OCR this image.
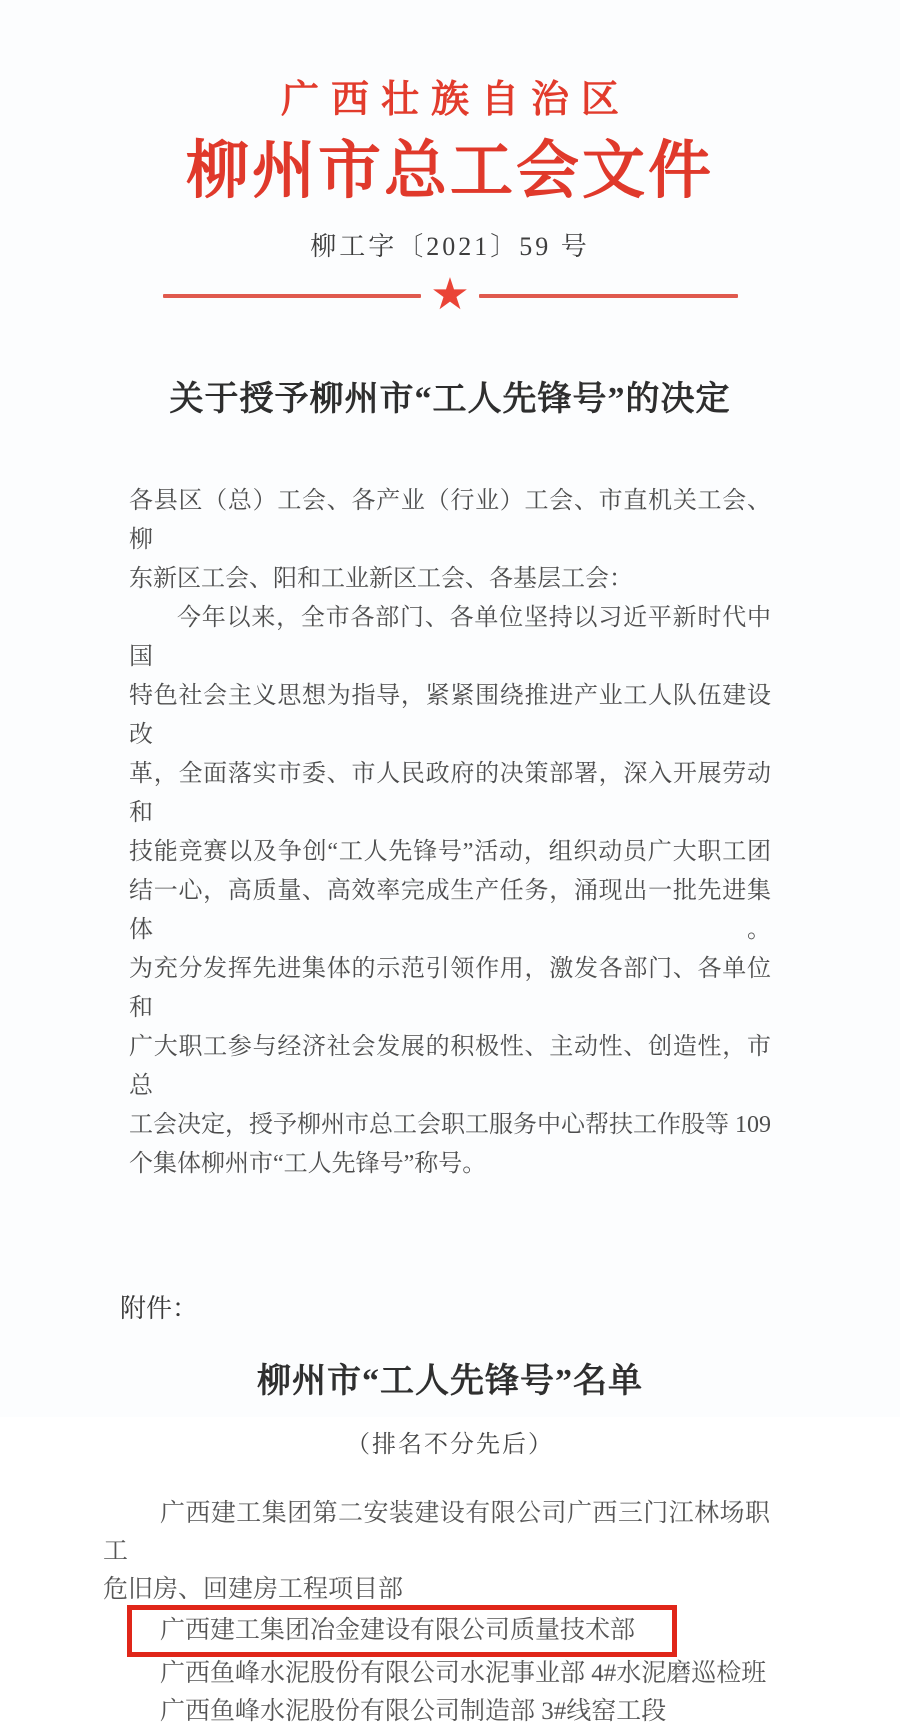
广西壮族自治区
柳州市总工会文件
柳工字〔2021〕59 号
★
关于授予柳州市“工人先锋号”的决定
各县区（总）工会、各产业（行业）工会、市直机关工会、柳
东新区工会、阳和工业新区工会、各基层工会：
今年以来，全市各部门、各单位坚持以习近平新时代中国
特色社会主义思想为指导，紧紧围绕推进产业工人队伍建设改
革，全面落实市委、市人民政府的决策部署，深入开展劳动和
技能竞赛以及争创“工人先锋号”活动，组织动员广大职工团
结一心，高质量、高效率完成生产任务，涌现出一批先进集体。
为充分发挥先进集体的示范引领作用，激发各部门、各单位和
广大职工参与经济社会发展的积极性、主动性、创造性，市总
工会决定，授予柳州市总工会职工服务中心帮扶工作股等 109
个集体柳州市“工人先锋号”称号。
附件：
柳州市“工人先锋号”名单
（排名不分先后）
广西建工集团第二安装建设有限公司广西三门江林场职工
危旧房、回建房工程项目部
广西建工集团冶金建设有限公司质量技术部
广西鱼峰水泥股份有限公司水泥事业部 4#水泥磨巡检班
广西鱼峰水泥股份有限公司制造部 3#线窑工段
